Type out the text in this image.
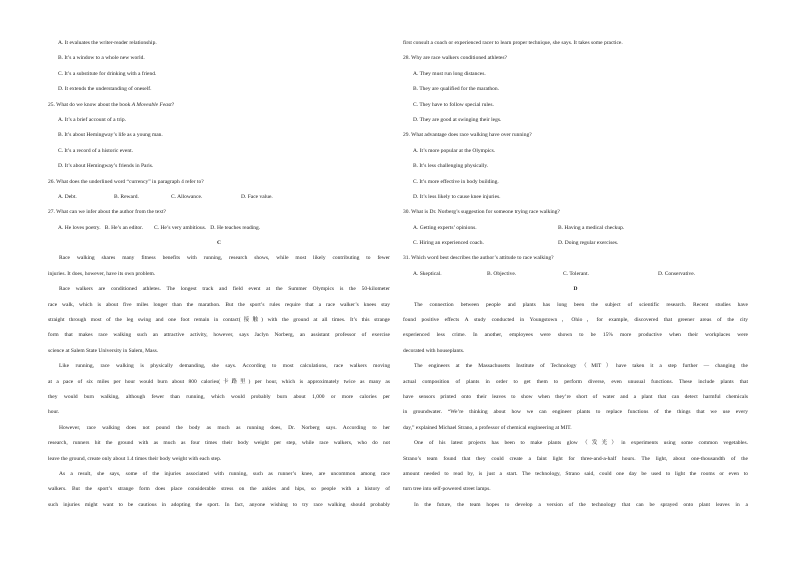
A. It evaluates the writer-reader relationship.
B. It’s a window to a whole new world.
C. It’s a substitute for drinking with a friend.
D. It extends the understanding of oneself.
25. What do we know about the book A Moveable Feast?
A. It’s a brief account of a trip.
B. It’s about Hemingway’s life as a young man.
C. It’s a record of a historic event.
D. It’s about Hemingway’s friends in Paris.
26. What does the underlined word “currency” in paragraph 4 refer to?
A. Debt.	B. Reward.	C. Allowance.	D. Face value.
27. What can we infer about the author from the text?
A. He loves poetry.   B. He’s an editor.        C. He’s very ambitious.   D. He teaches reading.
C
Race walking shares many fitness benefits with running, research shows, while most likely contributing to fewer
injuries. It does, however, have its own problem.
Race walkers are conditioned athletes. The longest track and field event at the Summer Olympics is the 50-kilometer
race walk, which is about five miles longer than the marathon. But the sport’s rules require that a race walker’s knees stay
straight through most of the leg swing and one foot remain in contact(接触) with the ground at all times. It’s this strange
form that makes race walking such an attractive activity, however, says Jaclyn Norberg, an assistant professor of exercise
science at Salem State University in Salem, Mass.
Like running, race walking is physically demanding, she says. According to most calculations, race walkers moving
at a pace of six miles per hour would burn about 800 calories(卡路里) per hour, which is approximately twice as many as
they would burn walking, although fewer than running, which would probably burn about 1,000 or more calories per
hour.
However, race walking does not pound the body as much as running does, Dr. Norberg says. According to her
research, runners hit the ground with as much as four times their body weight per step, while race walkers, who do not
leave the ground, create only about 1.4 times their body weight with each step.
As a result, she says, some of the injuries associated with running, such as runner’s knee, are uncommon among race
walkers. But the sport’s strange form does place considerable stress on the ankles and hips, so people with a history of
such injuries might want to be cautious in adopting the sport. In fact, anyone wishing to try race walking should probably
first consult a coach or experienced racer to learn proper technique, she says. It takes some practice.
28. Why are race walkers conditioned athletes?
A. They must run long distances.
B. They are qualified for the marathon.
C. They have to follow special rules.
D. They are good at swinging their legs.
29. What advantage does race walking have over running?
A. It’s more popular at the Olympics.
B. It’s less challenging physically.
C. It’s more effective in body building.
D. It’s less likely to cause knee injuries.
30. What is Dr. Norberg’s suggestion for someone trying race walking?
A. Getting experts’ opinions.	B. Having a medical checkup.
C. Hiring an experienced coach.	D. Doing regular exercises.
31. Which word best describes the author’s attitude to race walking?
A. Skeptical.	B. Objective.	C. Tolerant.	D. Conservative.
D
The connection between people and plants has long been the subject of scientific research. Recent studies have
found positive effects A study conducted in Youngstown，Ohio，for example, discovered that greener areas of the city
experienced less crime. In another, employees were shown to be 15% more productive when their workplaces were
decorated with houseplants.
The engineers at the Massachusetts Institute of Technology（MIT）have taken it a step further — changing the
actual composition of plants in order to get them to perform diverse, even unusual functions. These include plants that
have sensors printed onto their leaves to show when they’re short of water and a plant that can detect harmful chemicals
in groundwater. “We’re thinking about how we can engineer plants to replace functions of the things that we use every
day,” explained Michael Strano, a professor of chemical engineering at MIT.
One of his latest projects has been to make plants glow（发光）in experiments using some common vegetables.
Strano’s team found that they could create a faint light for three-and-a-half hours. The light, about one-thousandth of the
amount needed to read by, is just a start. The technology, Strano said, could one day be used to light the rooms or even to
turn tree into self-powered street lamps.
In the future, the team hopes to develop a version of the technology that can be sprayed onto plant leaves in a
